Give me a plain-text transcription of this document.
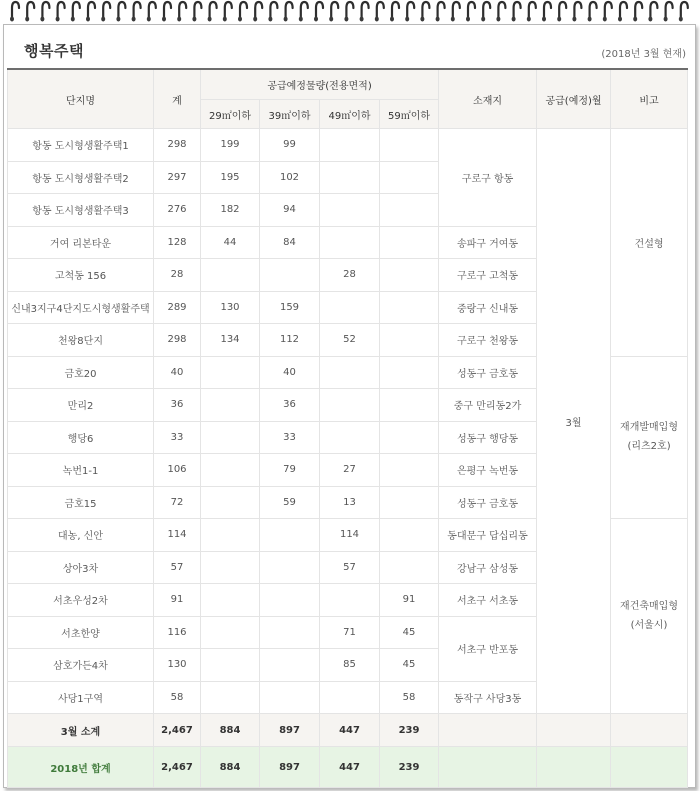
행복주택	(2018년 3월 현재)
단지명	계	공급예정물량(전용면적)				소재지	공급(예정)월	비고
		29㎡이하	39㎡이하	49㎡이하	59㎡이하			
항동 도시형생활주택1	298	199	99			구로구 항동	3월	건설형
항동 도시형생활주택2	297	195	102					
항동 도시형생활주택3	276	182	94					
거여 리본타운	128	44	84			송파구 거여동		
고척동 156	28			28		구로구 고척동		
신내3지구4단지도시형생활주택	289	130	159			중랑구 신내동		
천왕8단지	298	134	112	52		구로구 천왕동		
금호20	40		40			성동구 금호동		재개발매입형
(리츠2호)
만리2	36		36			중구 만리동2가		
행당6	33		33			성동구 행당동		
녹번1-1	106		79	27		은평구 녹번동		
금호15	72		59	13		성동구 금호동		
대농, 신안	114			114		동대문구 답십리동		재건축매입형
(서울시)
상아3차	57			57		강남구 삼성동		
서초우성2차	91				91	서초구 서초동		
서초한양	116			71	45	서초구 반포동		
삼호가든4차	130			85	45			
사당1구역	58				58	동작구 사당3동		
3월 소계	2,467	884	897	447	239			
2018년 합계	2,467	884	897	447	239			
